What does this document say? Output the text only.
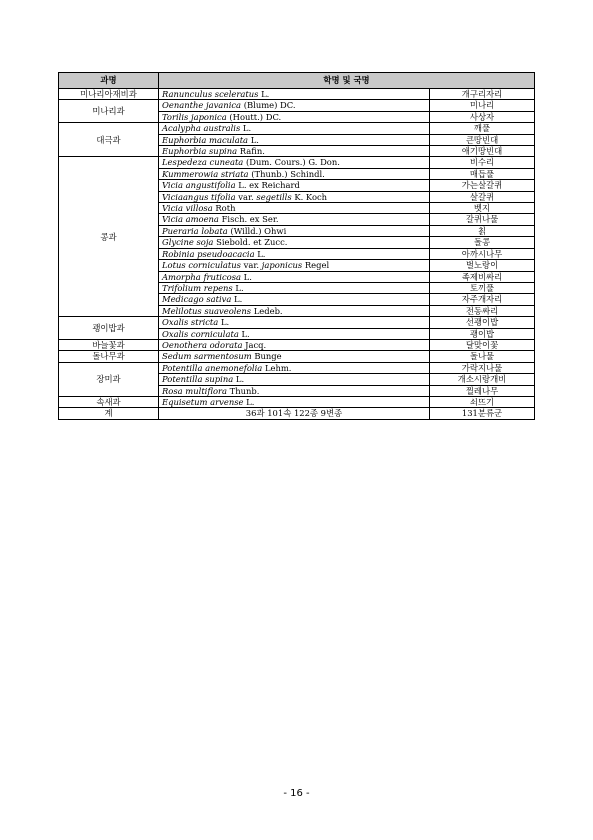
과명	학명 및 국명	
미나리아재비과	Ranunculus sceleratus L.	개구리자리
미나리과	Oenanthe javanica (Blume) DC.	미나리
	Torilis japonica (Houtt.) DC.	사상자
대극과	Acalypha australis L.	깨풀
	Euphorbia maculata L.	큰땅빈대
	Euphorbia supina Rafin.	애기땅빈대
콩과	Lespedeza cuneata (Dum. Cours.) G. Don.	비수리
	Kummerowia striata (Thunb.) Schindl.	매듭풀
	Vicia angustifolia L. ex Reichard	가는살갈퀴
	Viciaangus tifolia var. segetills K. Koch	살갈퀴
	Vicia villosa Roth	벳지
	Vicia amoena Fisch. ex Ser.	갈퀴나물
	Pueraria lobata (Willd.) Ohwi	칡
	Glycine soja Siebold. et Zucc.	돌콩
	Robinia pseudoacacia L.	아까시나무
	Lotus corniculatus var. japonicus Regel	벌노랑이
	Amorpha fruticosa L.	족제비싸리
	Trifolium repens L.	토끼풀
	Medicago sativa L.	자주개자리
	Melilotus suaveolens Ledeb.	전동싸리
괭이밥과	Oxalis stricta L.	선괭이밥
	Oxalis corniculata L.	괭이밥
바늘꽃과	Oenothera odorata Jacq.	달맞이꽃
돌나무과	Sedum sarmentosum Bunge	돌나물
장미과	Potentilla anemonefolia Lehm.	가락지나물
	Potentilla supina L.	개소시랑개비
	Rosa multiflora Thunb.	찔레나무
속새과	Equisetum arvense L.	쇠뜨기
계	36과 101속 122종 9변종	131분류군
- 16 -
